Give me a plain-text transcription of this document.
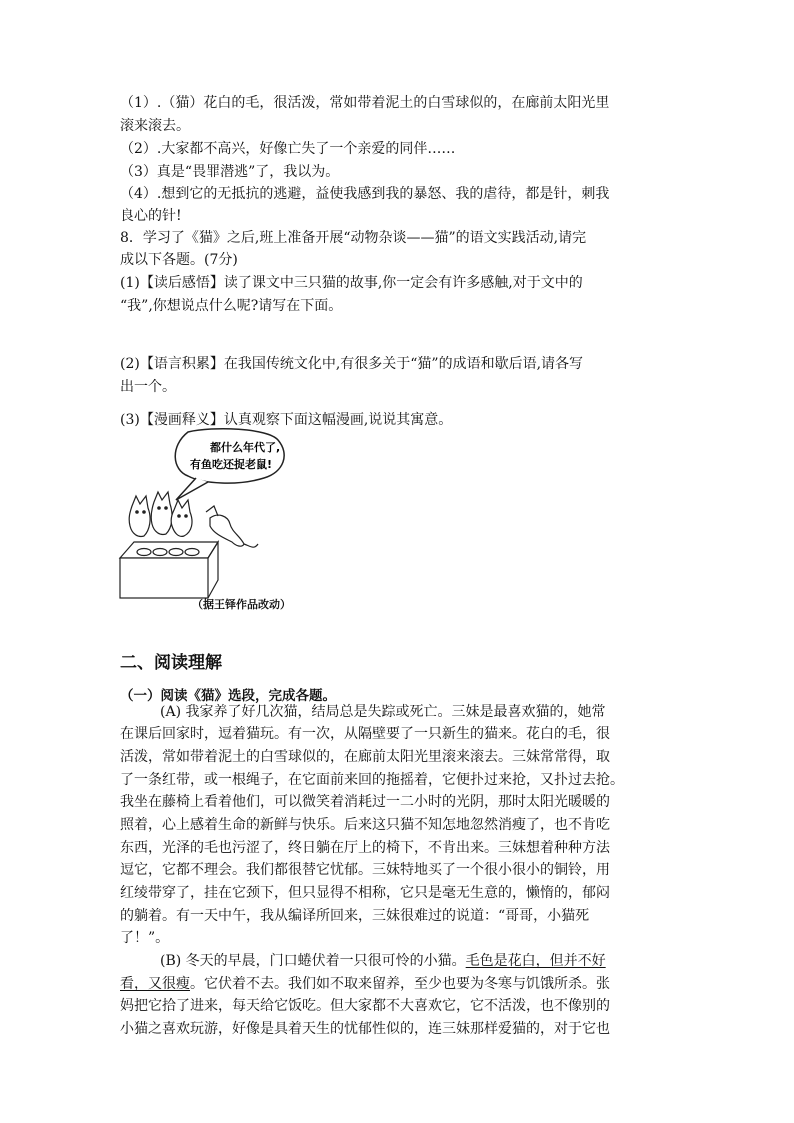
（1）.（猫）花白的毛，很活泼，常如带着泥土的白雪球似的，在廊前太阳光里
滚来滚去。
（2）.大家都不高兴，好像亡失了一个亲爱的同伴……
（3）真是“畏罪潜逃”了，我以为。
（4）.想到它的无抵抗的逃避，益使我感到我的暴怒、我的虐待，都是针，刺我
良心的针!
8．学习了《猫》之后,班上准备开展“动物杂谈——猫”的语文实践活动,请完
成以下各题。(7分)
(1)【读后感悟】读了课文中三只猫的故事,你一定会有许多感触,对于文中的
“我”,你想说点什么呢?请写在下面。
(2)【语言积累】在我国传统文化中,有很多关于“猫”的成语和歇后语,请各写
出一个。
(3)【漫画释义】认真观察下面这幅漫画,说说其寓意。
都什么年代了,
有鱼吃还捉老鼠!
（据王铎作品改动）
二、阅读理解
（一）阅读《猫》选段，完成各题。
(A) 我家养了好几次猫，结局总是失踪或死亡。三妹是最喜欢猫的，她常
在课后回家时，逗着猫玩。有一次，从隔壁要了一只新生的猫来。花白的毛，很
活泼，常如带着泥土的白雪球似的，在廊前太阳光里滚来滚去。三妹常常得，取
了一条红带，或一根绳子，在它面前来回的拖摇着，它便扑过来抢，又扑过去抢。
我坐在藤椅上看着他们，可以微笑着消耗过一二小时的光阴，那时太阳光暖暖的
照着，心上感着生命的新鲜与快乐。后来这只猫不知怎地忽然消瘦了，也不肯吃
东西，光泽的毛也污涩了，终日躺在厅上的椅下，不肯出来。三妹想着种种方法
逗它，它都不理会。我们都很替它忧郁。三妹特地买了一个很小很小的铜铃，用
红绫带穿了，挂在它颈下，但只显得不相称，它只是毫无生意的，懒惰的，郁闷
的躺着。有一天中午，我从编译所回来，三妹很难过的说道：“哥哥，小猫死
了！”。
(B) 冬天的早晨，门口蜷伏着一只很可怜的小猫。毛色是花白，但并不好
看，又很瘦。它伏着不去。我们如不取来留养，至少也要为冬寒与饥饿所杀。张
妈把它拾了进来，每天给它饭吃。但大家都不大喜欢它，它不活泼，也不像别的
小猫之喜欢玩游，好像是具着天生的忧郁性似的，连三妹那样爱猫的，对于它也
